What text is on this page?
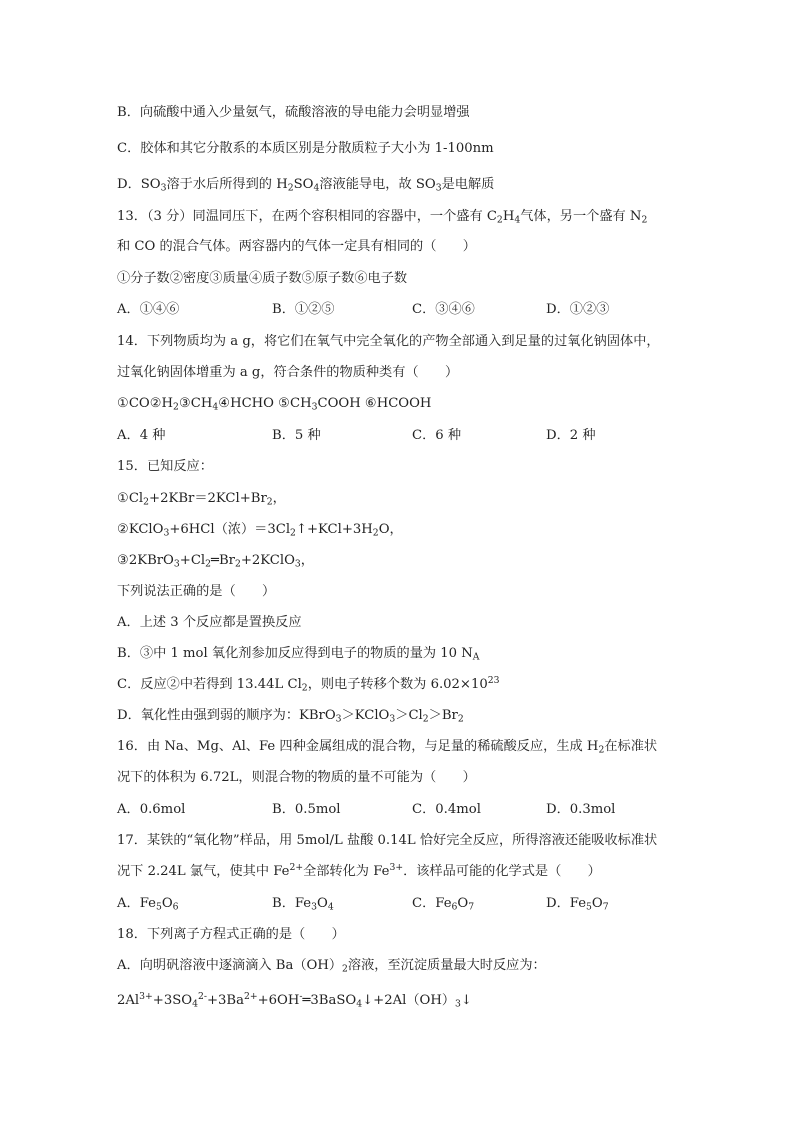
B．向硫酸中通入少量氨气，硫酸溶液的导电能力会明显增强
C．胶体和其它分散系的本质区别是分散质粒子大小为 1-100nm
D．$SO_3$溶于水后所得到的 $H_2SO_4$溶液能导电，故 $SO_3$是电解质
13．（3 分）同温同压下，在两个容积相同的容器中，一个盛有 $C_2H_4$气体，另一个盛有 $N_2$
和 CO 的混合气体。两容器内的气体一定具有相同的（　　）
①分子数②密度③质量④质子数⑤原子数⑥电子数
A．①④⑥	B．①②⑤	C．③④⑥	D．①②③
14．下列物质均为 a g，将它们在氧气中完全氧化的产物全部通入到足量的过氧化钠固体中，
过氧化钠固体增重为 a g，符合条件的物质种类有（　　）
$①CO②H_2③CH_4④HCHO$ $⑤CH_3COOH$ ⑥HCOOH
A．4 种	B．5 种	C．6 种	D．2 种
15．已知反应：
$①Cl_2+2KBr=2KCl+Br_2$，
②KClO$_3$+6HCl（浓）$=3Cl_2↑+KCl+3H_2O$，
$③2KBrO_3+Cl_2═Br_2+2KClO_3$，
下列说法正确的是（　　）
A．上述 3 个反应都是置换反应
B．③中 1 mol 氧化剂参加反应得到电子的物质的量为 10 $N_A$
C．反应②中若得到 13.44L $Cl_2$，则电子转移个数为 $6.02\times 10^{23}$
D．氧化性由强到弱的顺序为：$KBrO_3>KClO_3>Cl_2>Br_2$
16．由 Na、Mg、Al、Fe 四种金属组成的混合物，与足量的稀硫酸反应，生成 $H_2$在标准状
况下的体积为 6.72L，则混合物的物质的量不可能为（　　）
A．0.6mol	B．0.5mol	C．0.4mol	D．0.3mol
17．某铁的“氧化物”样品，用 5mol/L 盐酸 0.14L 恰好完全反应，所得溶液还能吸收标准状
况下 2.24L 氯气，使其中 $Fe^{2+}$全部转化为 $Fe^{3+}$．该样品可能的化学式是（　　）
A．$Fe_5O_6$	B．$Fe_3O_4$	C．$Fe_6O_7$	D．$Fe_5O_7$
18．下列离子方程式正确的是（　　）
A．向明矾溶液中逐滴滴入 $Ba(OH)_2$溶液，至沉淀质量最大时反应为：
$2Al^{3+}+3SO_4^{2-}+3Ba^{2+}+6OH^-═3BaSO_4↓+2Al(OH)_3↓$
